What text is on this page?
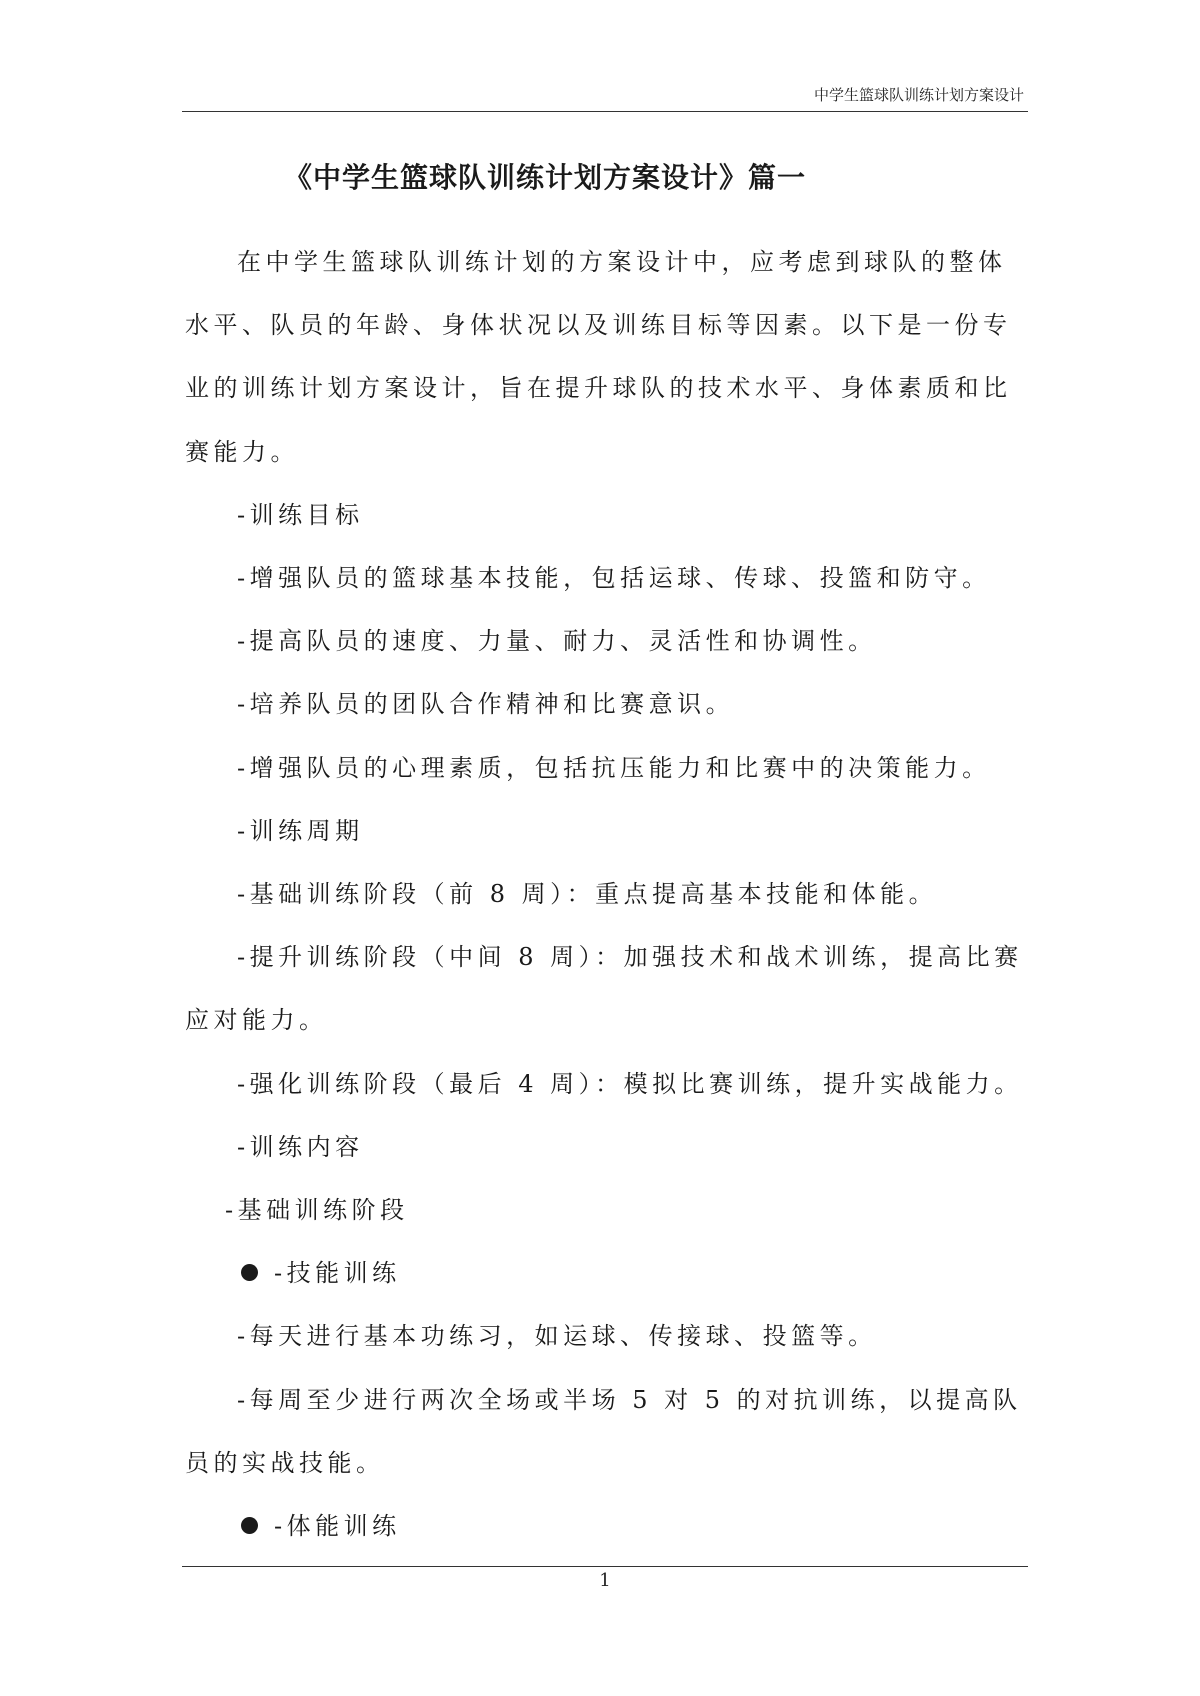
中学生篮球队训练计划方案设计
《中学生篮球队训练计划方案设计》篇一

在中学生篮球队训练计划的方案设计中，应考虑到球队的整体水平、队员的年龄、身体状况以及训练目标等因素。以下是一份专业的训练计划方案设计，旨在提升球队的技术水平、身体素质和比赛能力。

-训练目标

-增强队员的篮球基本技能，包括运球、传球、投篮和防守。

-提高队员的速度、力量、耐力、灵活性和协调性。

-培养队员的团队合作精神和比赛意识。

-增强队员的心理素质，包括抗压能力和比赛中的决策能力。

-训练周期

-基础训练阶段（前 8 周）：重点提高基本技能和体能。

-提升训练阶段（中间 8 周）：加强技术和战术训练，提高比赛应对能力。

-强化训练阶段（最后 4 周）：模拟比赛训练，提升实战能力。

-训练内容

-基础训练阶段

-技能训练

-每天进行基本功练习，如运球、传接球、投篮等。

-每周至少进行两次全场或半场 5 对 5 的对抗训练，以提高队员的实战技能。

-体能训练

1
